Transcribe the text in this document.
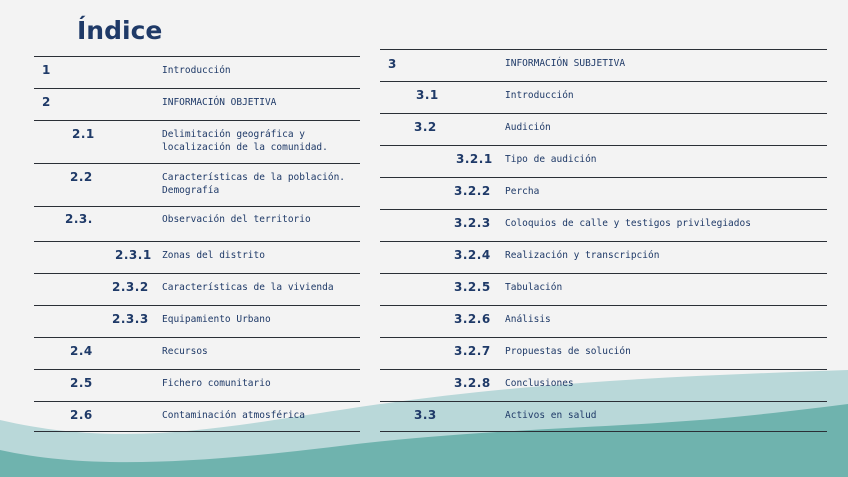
Índice
1	Introducción
2	INFORMACIÓN OBJETIVA
2.1	Delimitación geográfica y
localización de la comunidad.
2.2	Características de la población.
Demografía
2.3.	Observación del territorio
2.3.1 Zonas del distrito
2.3.2 Características de la vivienda
2.3.3 Equipamiento Urbano
2.4	Recursos
2.5	Fichero comunitario
2.6	Contaminación atmosférica
3	INFORMACIÓN SUBJETIVA
3.1	Introducción
3.2	Audición
3.2.1 Tipo de audición
3.2.2 Percha
3.2.3 Coloquios de calle y testigos privilegiados
3.2.4 Realización y transcripción
3.2.5 Tabulación
3.2.6 Análisis
3.2.7 Propuestas de solución
3.2.8 Conclusiones
3.3	Activos en salud
